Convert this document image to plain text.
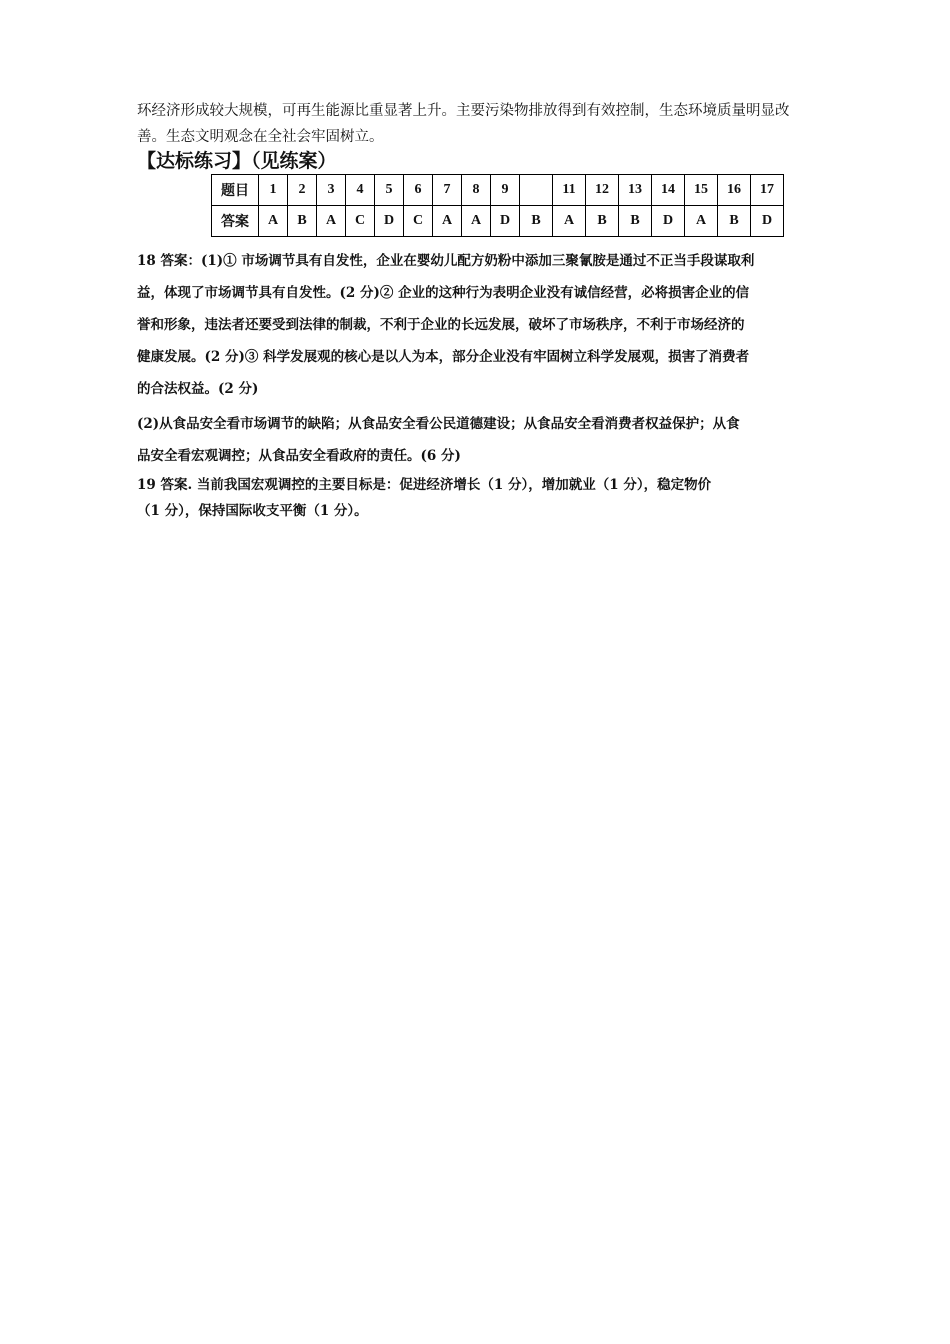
环经济形成较大规模，可再生能源比重显著上升。主要污染物排放得到有效控制，生态环境质量明显改
善。生态文明观念在全社会牢固树立。

【达标练习】（见练案）

题目	1	2	3	4	5	6	7	8	9		11	12	13	14	15	16	17
答案	A	B	A	C	D	C	A	A	D	B	A	B	B	D	A	B	D

18 答案：(1)① 市场调节具有自发性，企业在婴幼儿配方奶粉中添加三聚氰胺是通过不正当手段谋取利
益，体现了市场调节具有自发性。(2 分)② 企业的这种行为表明企业没有诚信经营，必将损害企业的信
誉和形象，违法者还要受到法律的制裁，不利于企业的长远发展，破坏了市场秩序，不利于市场经济的
健康发展。(2 分)③ 科学发展观的核心是以人为本，部分企业没有牢固树立科学发展观，损害了消费者
的合法权益。(2 分)

(2)从食品安全看市场调节的缺陷；从食品安全看公民道德建设；从食品安全看消费者权益保护；从食
品安全看宏观调控；从食品安全看政府的责任。(6 分)

19 答案. 当前我国宏观调控的主要目标是：促进经济增长（1 分），增加就业（1 分），稳定物价
（1 分），保持国际收支平衡（1 分）。
